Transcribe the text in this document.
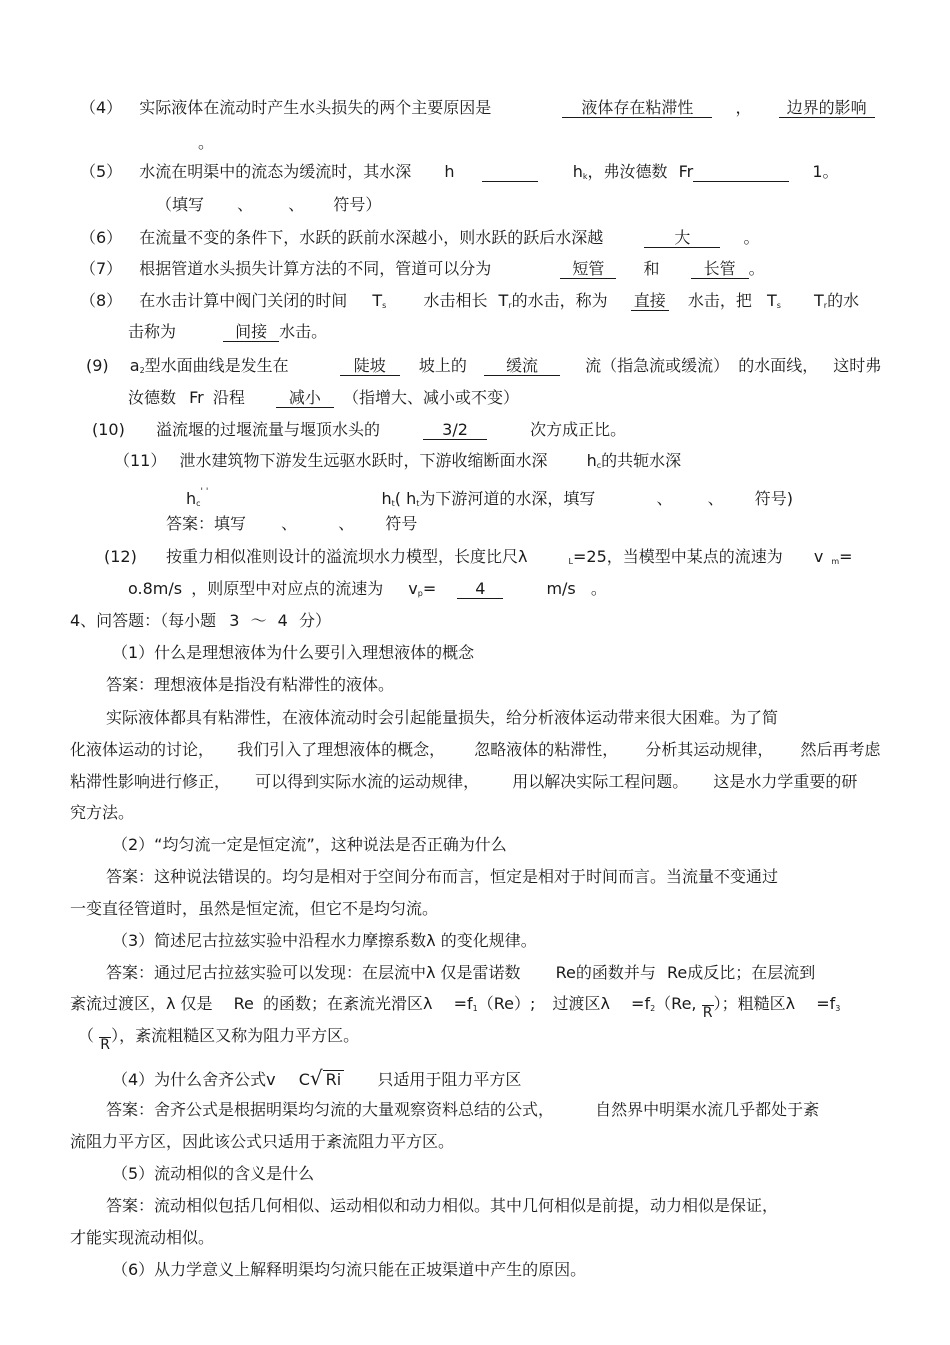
（4） 实际液体在流动时产生水头损失的两个主要原因是	液体存在粘滞性	， 边界的影响
。
（5） 水流在明渠中的流态为缓流时，其水深 h	$h_k$，弗汝德数 Fr	1。
（填写 、 、 符号）
（6） 在流量不变的条件下，水跃的跃前水深越小，则水跃的跃后水深越	大	。
（7） 根据管道水头损失计算方法的不同，管道可以分为	短管 和	长管 。
（8） 在水击计算中阀门关闭的时间 $T_s$ 水击相长 $T_r$的水击，称为 直接 水击，把 $T_s$ $T_r$的水
击称为	间接 水击。
(9) $a_2$型水面曲线是发生在	陡坡 坡上的 缓流	流（指急流或缓流） 的水面线， 这时弗
汝德数 Fr 沿程	减小 （指增大、减小或不变）
(10) 溢流堰的过堰流量与堰顶水头的	3/2	次方成正比。
（11） 泄水建筑物下游发生远驱水跃时，下游收缩断面水深 $h_c$的共轭水深
$h_c^{' '}$	$h_t$( $h_t$为下游河道的水深，填写	、 、 符号)
答案：填写 、	、 符号
(12) 按重力相似准则设计的溢流坝水力模型，长度比尺λ	$_L$=25，当模型中某点的流速为 v $_m$=
o.8m/s ，则原型中对应点的流速为 $v_p= 4$	m/s 。
4、问答题：（每小题 3 ～ 4 分）
（1）什么是理想液体为什么要引入理想液体的概念
答案：理想液体是指没有粘滞性的液体。
实际液体都具有粘滞性，在液体流动时会引起能量损失，给分析液体运动带来很大困难。为了简
化液体运动的讨论， 我们引入了理想液体的概念， 忽略液体的粘滞性， 分析其运动规律， 然后再考虑
粘滞性影响进行修正， 可以得到实际水流的运动规律， 用以解决实际工程问题。 这是水力学重要的研
究方法。
（2）“均匀流一定是恒定流”，这种说法是否正确为什么
答案：这种说法错误的。均匀是相对于空间分布而言，恒定是相对于时间而言。当流量不变通过
一变直径管道时，虽然是恒定流，但它不是均匀流。
（3）简述尼古拉兹实验中沿程水力摩擦系数λ 的变化规律。
答案：通过尼古拉兹实验可以发现：在层流中λ 仅是雷诺数 Re的函数并与 Re成反比；在层流到
紊流过渡区，λ 仅是 Re 的函数；在紊流光滑区$\lambda =f_1(Re)$; 过渡区$\lambda =f_2(Re$, R ）；粗糙区$\lambda =f_3$
（ R ），紊流粗糙区又称为阻力平方区。
（4）为什么舍齐公式v C√ Ri 只适用于阻力平方区
答案：舍齐公式是根据明渠均匀流的大量观察资料总结的公式，	自然界中明渠水流几乎都处于紊
流阻力平方区，因此该公式只适用于紊流阻力平方区。
（5）流动相似的含义是什么
答案：流动相似包括几何相似、运动相似和动力相似。其中几何相似是前提，动力相似是保证，
才能实现流动相似。
（6）从力学意义上解释明渠均匀流只能在正坡渠道中产生的原因。
